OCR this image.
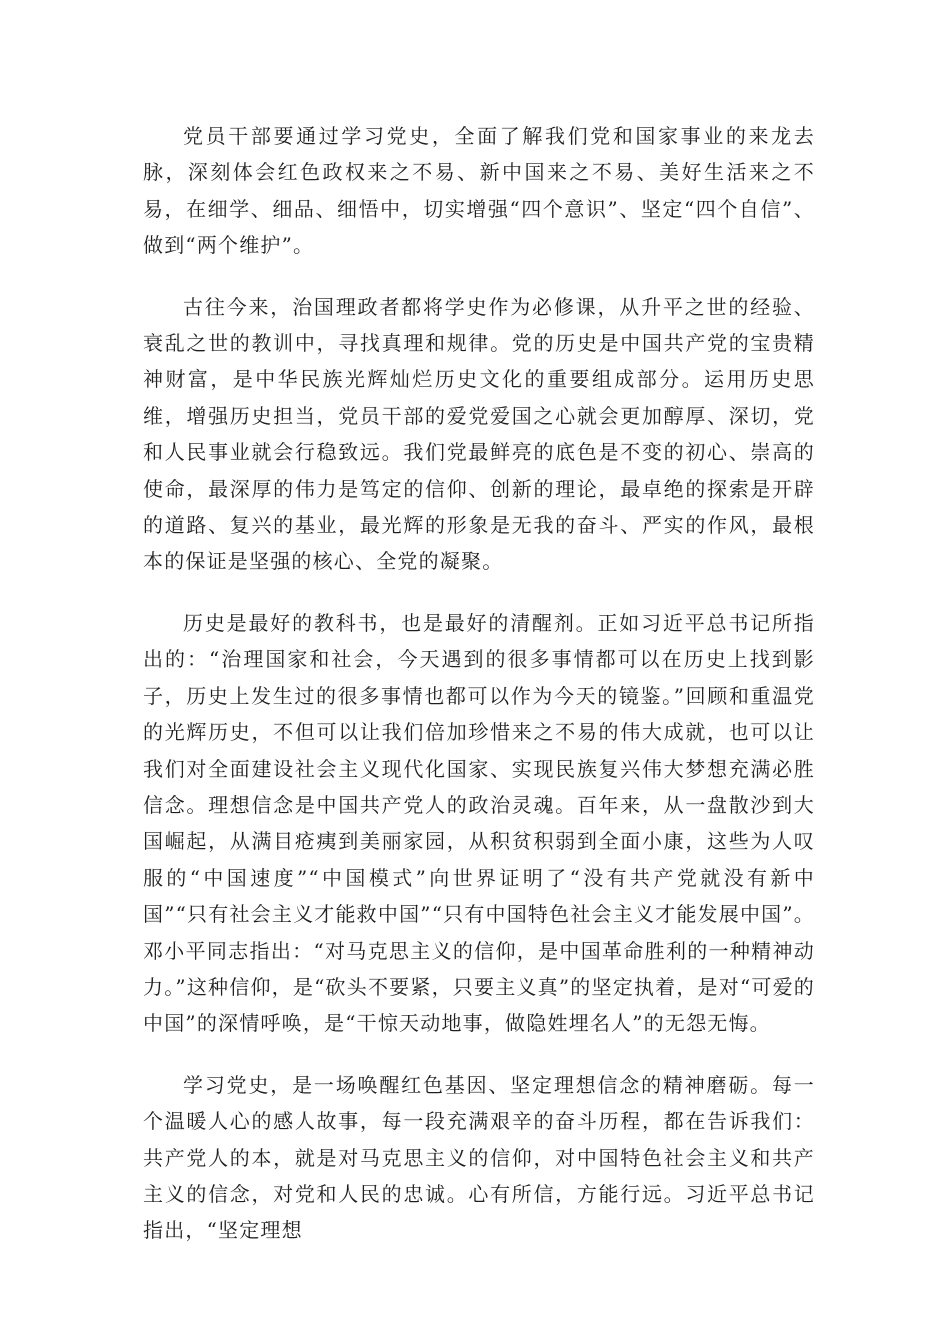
党员干部要通过学习党史，全面了解我们党和国家事业的来龙去脉，深刻体会红色政权来之不易、新中国来之不易、美好生活来之不易，在细学、细品、细悟中，切实增强“四个意识”、坚定“四个自信”、做到“两个维护”。

古往今来，治国理政者都将学史作为必修课，从升平之世的经验、衰乱之世的教训中，寻找真理和规律。党的历史是中国共产党的宝贵精神财富，是中华民族光辉灿烂历史文化的重要组成部分。运用历史思维，增强历史担当，党员干部的爱党爱国之心就会更加醇厚、深切，党和人民事业就会行稳致远。我们党最鲜亮的底色是不变的初心、崇高的使命，最深厚的伟力是笃定的信仰、创新的理论，最卓绝的探索是开辟的道路、复兴的基业，最光辉的形象是无我的奋斗、严实的作风，最根本的保证是坚强的核心、全党的凝聚。

历史是最好的教科书，也是最好的清醒剂。正如习近平总书记所指出的：“治理国家和社会，今天遇到的很多事情都可以在历史上找到影子，历史上发生过的很多事情也都可以作为今天的镜鉴。”回顾和重温党的光辉历史，不但可以让我们倍加珍惜来之不易的伟大成就，也可以让我们对全面建设社会主义现代化国家、实现民族复兴伟大梦想充满必胜信念。理想信念是中国共产党人的政治灵魂。百年来，从一盘散沙到大国崛起，从满目疮痍到美丽家园，从积贫积弱到全面小康，这些为人叹服的“中国速度”“中国模式”向世界证明了“没有共产党就没有新中国”“只有社会主义才能救中国”“只有中国特色社会主义才能发展中国”。邓小平同志指出：“对马克思主义的信仰，是中国革命胜利的一种精神动力。”这种信仰，是“砍头不要紧，只要主义真”的坚定执着，是对“可爱的中国”的深情呼唤，是“干惊天动地事，做隐姓埋名人”的无怨无悔。

学习党史，是一场唤醒红色基因、坚定理想信念的精神磨砺。每一个温暖人心的感人故事，每一段充满艰辛的奋斗历程，都在告诉我们：共产党人的本，就是对马克思主义的信仰，对中国特色社会主义和共产主义的信念，对党和人民的忠诚。心有所信，方能行远。习近平总书记指出，“坚定理想
